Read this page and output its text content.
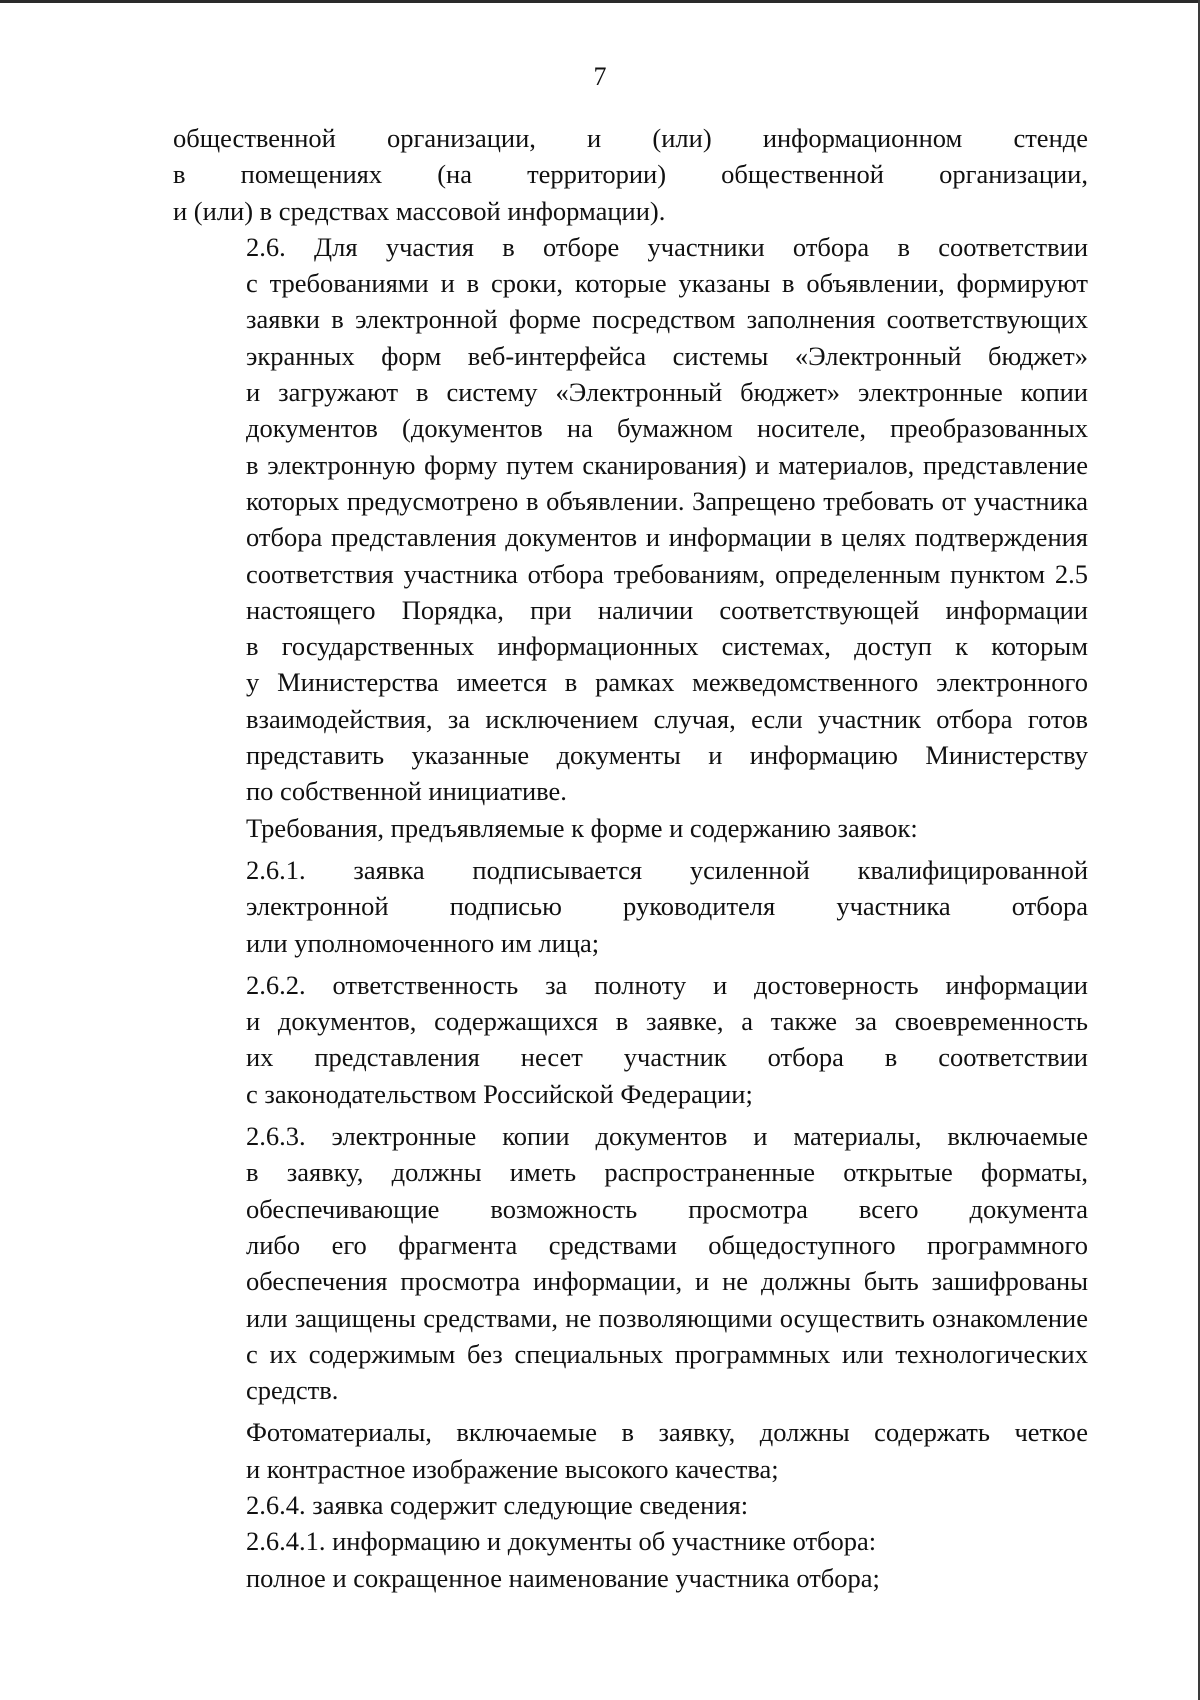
7
общественной организации, и (или) информационном стенде
в помещениях (на территории) общественной организации,
и (или) в средствах массовой информации).
2.6. Для участия в отборе участники отбора в соответствии
с требованиями и в сроки, которые указаны в объявлении, формируют
заявки в электронной форме посредством заполнения соответствующих
экранных форм веб-интерфейса системы «Электронный бюджет»
и загружают в систему «Электронный бюджет» электронные копии
документов (документов на бумажном носителе, преобразованных
в электронную форму путем сканирования) и материалов, представление
которых предусмотрено в объявлении. Запрещено требовать от участника
отбора представления документов и информации в целях подтверждения
соответствия участника отбора требованиям, определенным пунктом 2.5
настоящего Порядка, при наличии соответствующей информации
в государственных информационных системах, доступ к которым
у Министерства имеется в рамках межведомственного электронного
взаимодействия, за исключением случая, если участник отбора готов
представить указанные документы и информацию Министерству
по собственной инициативе.
Требования, предъявляемые к форме и содержанию заявок:
2.6.1. заявка подписывается усиленной квалифицированной
электронной подписью руководителя участника отбора
или уполномоченного им лица;
2.6.2. ответственность за полноту и достоверность информации
и документов, содержащихся в заявке, а также за своевременность
их представления несет участник отбора в соответствии
с законодательством Российской Федерации;
2.6.3. электронные копии документов и материалы, включаемые
в заявку, должны иметь распространенные открытые форматы,
обеспечивающие возможность просмотра всего документа
либо его фрагмента средствами общедоступного программного
обеспечения просмотра информации, и не должны быть зашифрованы
или защищены средствами, не позволяющими осуществить ознакомление
с их содержимым без специальных программных или технологических
средств.
Фотоматериалы, включаемые в заявку, должны содержать четкое
и контрастное изображение высокого качества;
2.6.4. заявка содержит следующие сведения:
2.6.4.1. информацию и документы об участнике отбора:
полное и сокращенное наименование участника отбора;
